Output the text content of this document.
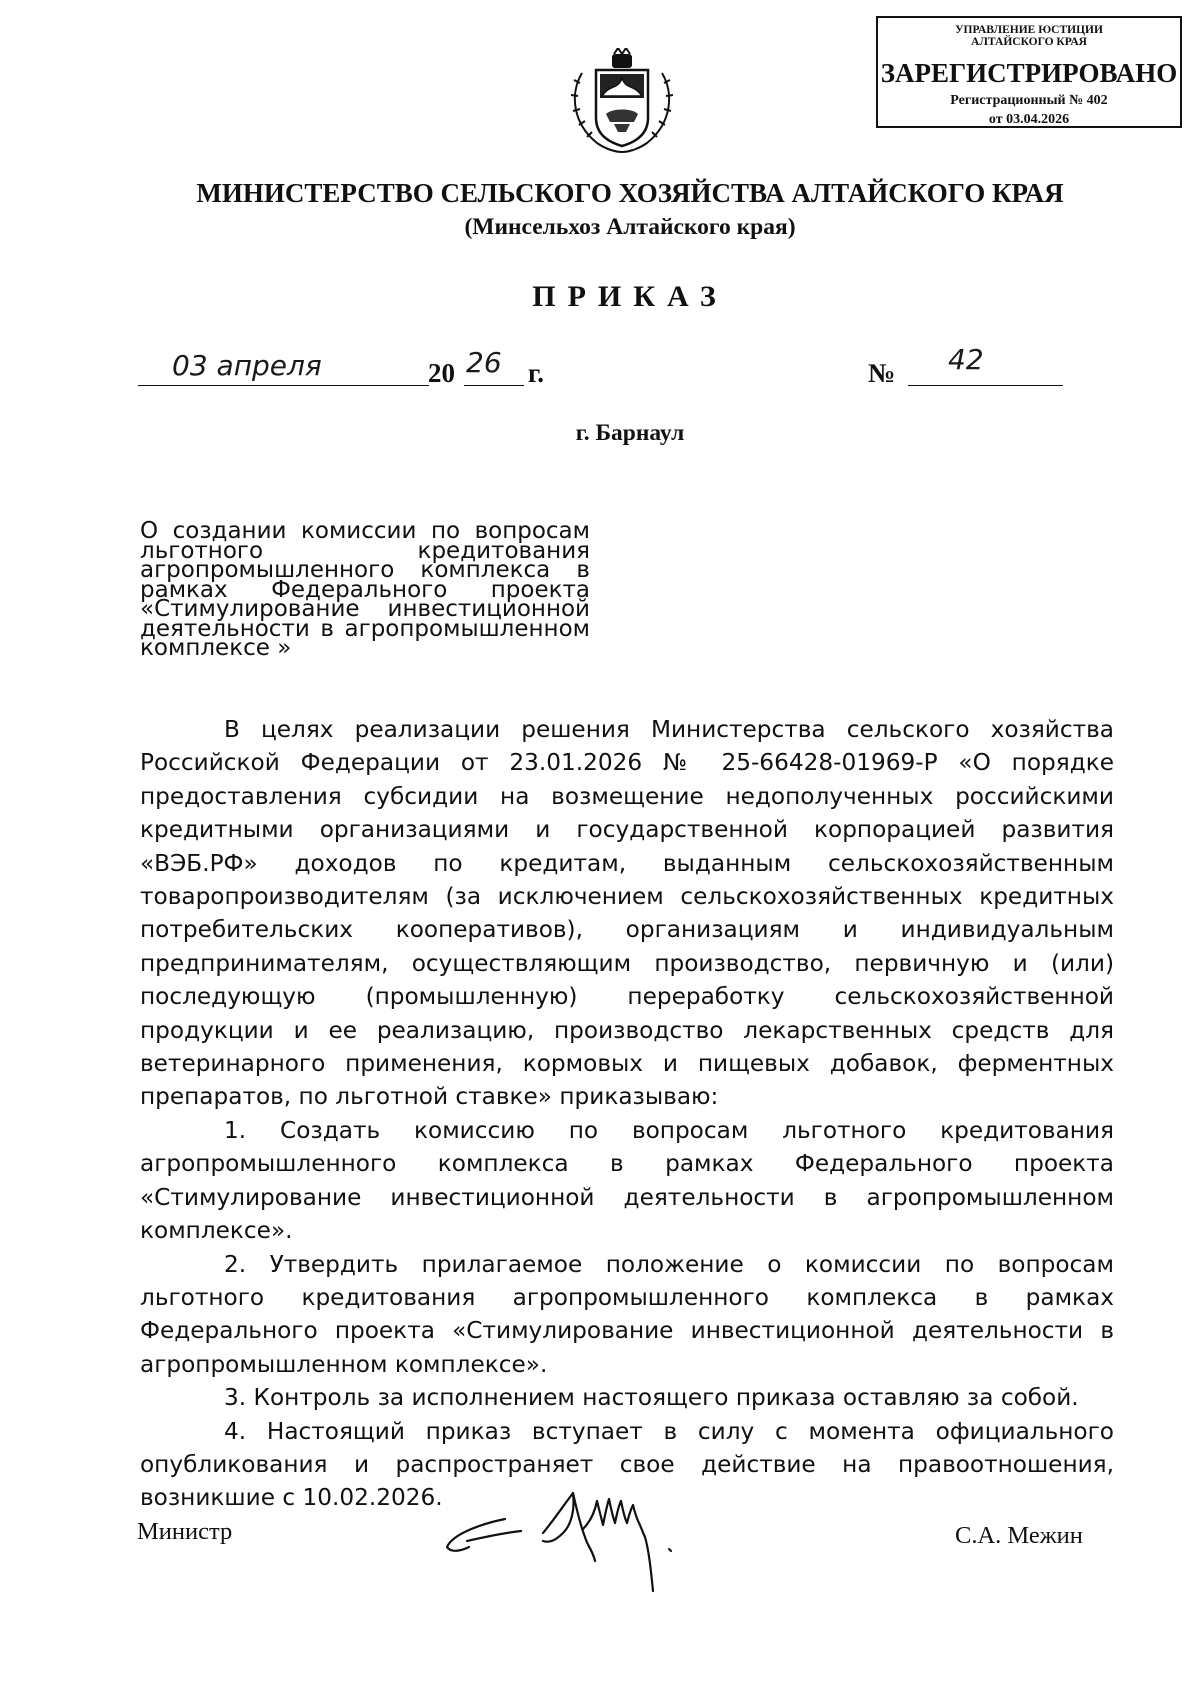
УПРАВЛЕНИЕ ЮСТИЦИИ
АЛТАЙСКОГО КРАЯ
ЗАРЕГИСТРИРОВАНО
Регистрационный № 402
от 03.04.2026
МИНИСТЕРСТВО СЕЛЬСКОГО ХОЗЯЙСТВА АЛТАЙСКОГО КРАЯ
(Минсельхоз Алтайского края)
ПРИКАЗ
03 апреля	20 26 г.	№ 42
г. Барнаул
О создании комиссии по вопросам льготного кредитования агропромышленного комплекса в рамках Федерального проекта «Стимулирование инвестиционной деятельности в агропромышленном комплексе »

В целях реализации решения Министерства сельского хозяйства Российской Федерации от 23.01.2026 № 25-66428-01969-Р «О порядке предоставления субсидии на возмещение недополученных российскими кредитными организациями и государственной корпорацией развития «ВЭБ.РФ» доходов по кредитам, выданным сельскохозяйственным товаропроизводителям (за исключением сельскохозяйственных кредитных потребительских кооперативов), организациям и индивидуальным предпринимателям, осуществляющим производство, первичную и (или) последующую (промышленную) переработку сельскохозяйственной продукции и ее реализацию, производство лекарственных средств для ветеринарного применения, кормовых и пищевых добавок, ферментных препаратов, по льготной ставке» приказываю:

1. Создать комиссию по вопросам льготного кредитования агропромышленного комплекса в рамках Федерального проекта «Стимулирование инвестиционной деятельности в агропромышленном комплексе».

2. Утвердить прилагаемое положение о комиссии по вопросам льготного кредитования агропромышленного комплекса в рамках Федерального проекта «Стимулирование инвестиционной деятельности в агропромышленном комплексе».

3. Контроль за исполнением настоящего приказа оставляю за собой.

4. Настоящий приказ вступает в силу с момента официального опубликования и распространяет свое действие на правоотношения, возникшие с 10.02.2026.

Министр	С.А. Межин
